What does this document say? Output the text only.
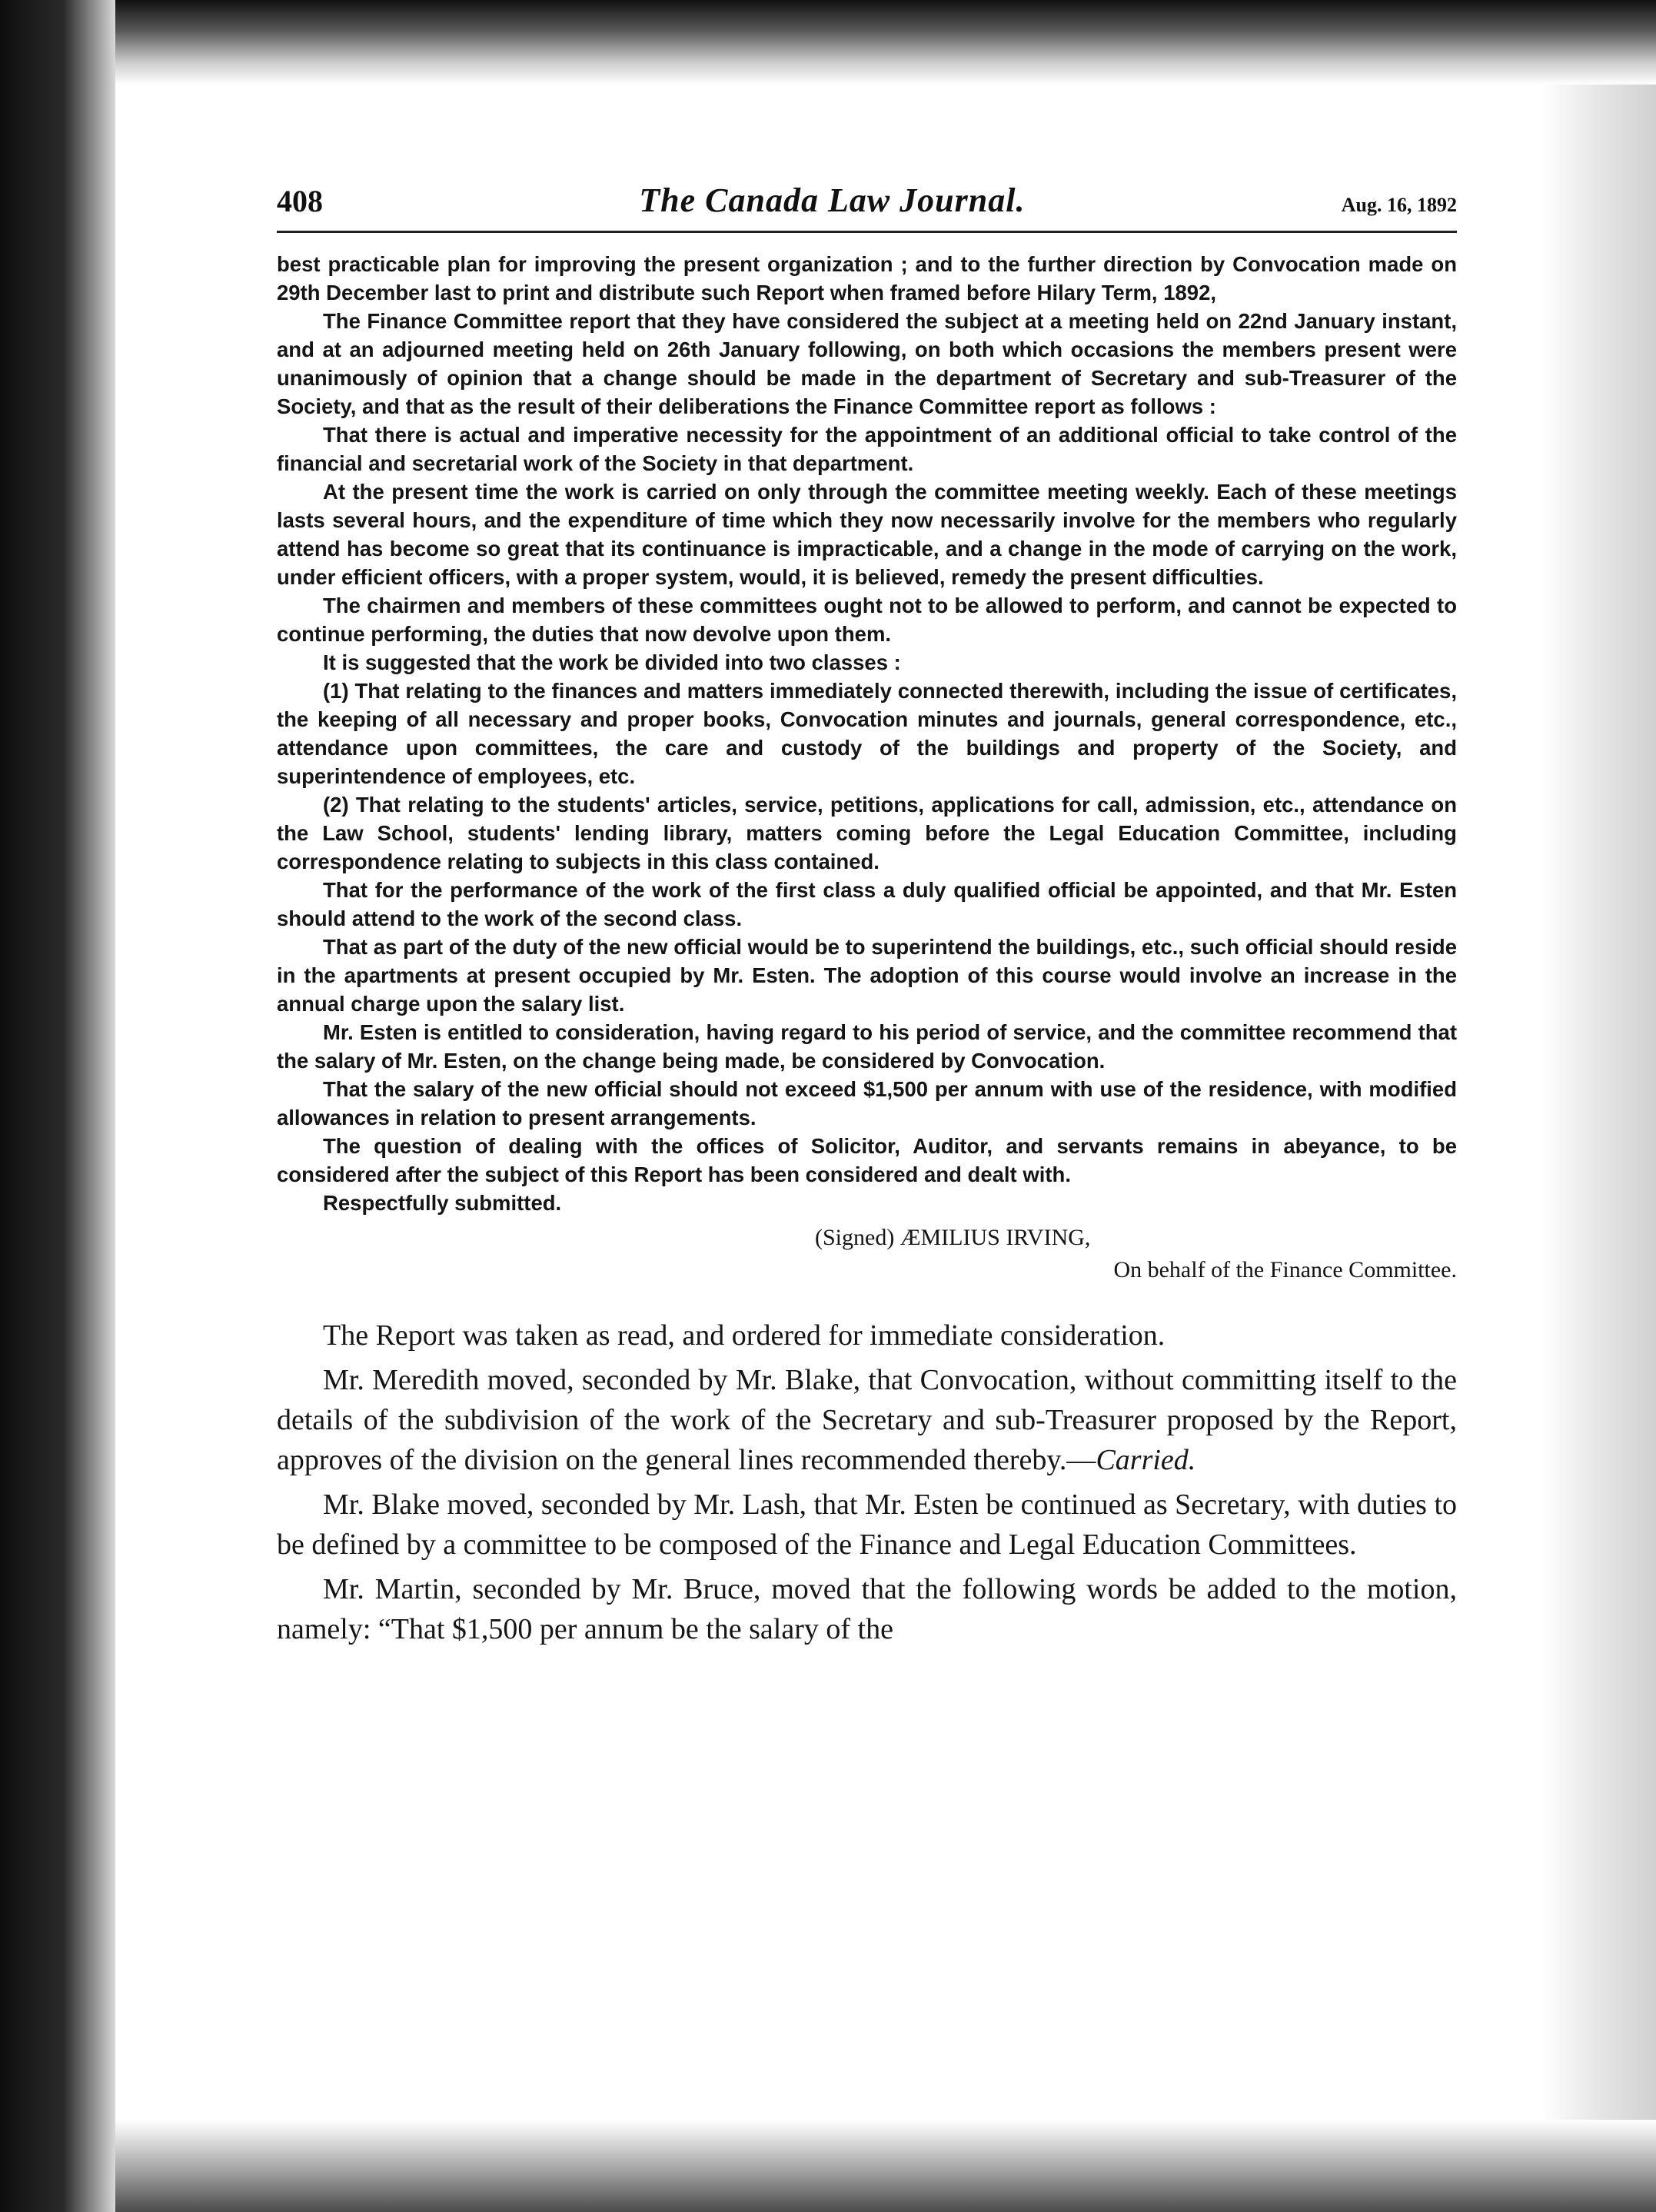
408	The Canada Law Journal.	Aug. 16, 1892

best practicable plan for improving the present organization ; and to the further direction by Convocation made on 29th December last to print and distribute such Report when framed before Hilary Term, 1892,

The Finance Committee report that they have considered the subject at a meeting held on 22nd January instant, and at an adjourned meeting held on 26th January following, on both which occasions the members present were unanimously of opinion that a change should be made in the department of Secretary and sub-Treasurer of the Society, and that as the result of their deliberations the Finance Committee report as follows :

That there is actual and imperative necessity for the appointment of an additional official to take control of the financial and secretarial work of the Society in that department.

At the present time the work is carried on only through the committee meeting weekly. Each of these meetings lasts several hours, and the expenditure of time which they now necessarily involve for the members who regularly attend has become so great that its continuance is impracticable, and a change in the mode of carrying on the work, under efficient officers, with a proper system, would, it is believed, remedy the present difficulties.

The chairmen and members of these committees ought not to be allowed to perform, and cannot be expected to continue performing, the duties that now devolve upon them.

It is suggested that the work be divided into two classes :

(1) That relating to the finances and matters immediately connected therewith, including the issue of certificates, the keeping of all necessary and proper books, Convocation minutes and journals, general correspondence, etc., attendance upon committees, the care and custody of the buildings and property of the Society, and superintendence of employees, etc.

(2) That relating to the students' articles, service, petitions, applications for call, admission, etc., attendance on the Law School, students' lending library, matters coming before the Legal Education Committee, including correspondence relating to subjects in this class contained.

That for the performance of the work of the first class a duly qualified official be appointed, and that Mr. Esten should attend to the work of the second class.

That as part of the duty of the new official would be to superintend the buildings, etc., such official should reside in the apartments at present occupied by Mr. Esten. The adoption of this course would involve an increase in the annual charge upon the salary list.

Mr. Esten is entitled to consideration, having regard to his period of service, and the committee recommend that the salary of Mr. Esten, on the change being made, be considered by Convocation.

That the salary of the new official should not exceed $1,500 per annum with use of the residence, with modified allowances in relation to present arrangements.

The question of dealing with the offices of Solicitor, Auditor, and servants remains in abeyance, to be considered after the subject of this Report has been considered and dealt with.

Respectfully submitted.

(Signed) ÆMILIUS IRVING,
On behalf of the Finance Committee.

The Report was taken as read, and ordered for immediate consideration.

Mr. Meredith moved, seconded by Mr. Blake, that Convocation, without committing itself to the details of the subdivision of the work of the Secretary and sub-Treasurer proposed by the Report, approves of the division on the general lines recommended thereby.—Carried.

Mr. Blake moved, seconded by Mr. Lash, that Mr. Esten be continued as Secretary, with duties to be defined by a committee to be composed of the Finance and Legal Education Committees.

Mr. Martin, seconded by Mr. Bruce, moved that the following words be added to the motion, namely: “That $1,500 per annum be the salary of the
